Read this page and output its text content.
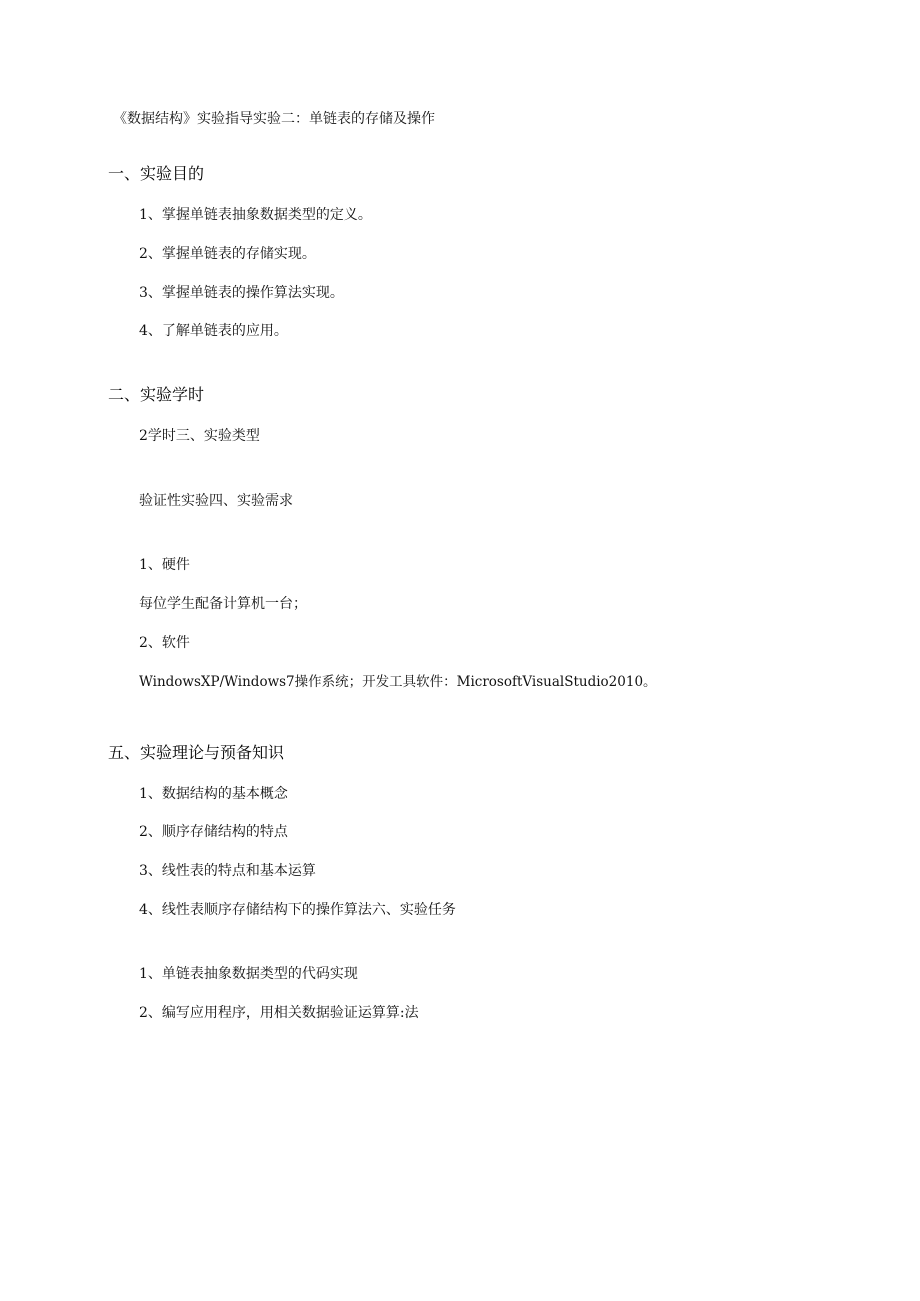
《数据结构》实验指导实验二：单链表的存储及操作
一、实验目的
1、掌握单链表抽象数据类型的定义。
2、掌握单链表的存储实现。
3、掌握单链表的操作算法实现。
4、了解单链表的应用。
二、实验学时
2学时三、实验类型
验证性实验四、实验需求
1、硬件
每位学生配备计算机一台；
2、软件
WindowsXP/Windows7操作系统；开发工具软件：MicrosoftVisualStudio2010。
五、实验理论与预备知识
1、数据结构的基本概念
2、顺序存储结构的特点
3、线性表的特点和基本运算
4、线性表顺序存储结构下的操作算法六、实验任务
1、单链表抽象数据类型的代码实现
2、编写应用程序，用相关数据验证运算算:法
